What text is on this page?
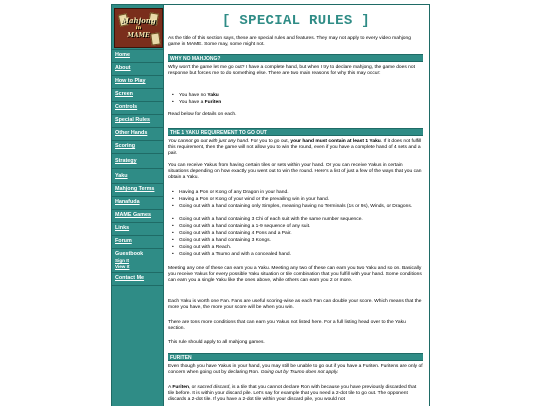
Mahjong
in
MAME
Home
About
How to Play
Screen
Controls
Special Rules
Other Hands
Scoring
Strategy
Yaku
Mahjong Terms
Hanafuda
MAME Games
Links
Forum
Guestbook
Sign It
View It
Contact Me
[ SPECIAL RULES ]

As the title of this section says, these are special rules and features. They may not apply to every video mahjong game in MAME. Some may, some might not.

WHY NO MAHJONG?

Why won't the game let me go out? I have a complete hand, but when I try to declare mahjong, the game does not response but forces me to do something else. There are two main reasons for why this may occur:

• You have no Yaku
• You have a Furiten

Read below for details on each.

THE 1 YAKU REQUIREMENT TO GO OUT

You cannot go out with just any hand. For you to go out, your hand must contain at least 1 Yaku. If it does not fulfill this requirement, then the game will not allow you to win the round, even if you have a complete hand of 4 sets and a pair.

You can receive Yakus from having certain tiles or sets within your hand. Or you can receive Yakus in certain situations depending on how exactly you went out to win the round. Here's a list of just a few of the ways that you can obtain a Yaku.

• Having a Pon or Kong of any Dragon in your hand.
• Having a Pon or Kong of your wind or the prevailing win in your hand.
• Going out with a hand containing only Simples, meaning having no Terminals (1s or 9s), Winds, or Dragons.
• Going out with a hand containing 3 Chi of each suit with the same number sequence.
• Going out with a hand containing a 1-9 sequence of any suit.
• Going out with a hand containing 4 Pons and a Pair.
• Going out with a hand containing 3 Kongs.
• Going out with a Reach.
• Going out with a Tsumo and with a concealed hand.

Meeting any one of these can earn you a Yaku. Meeting any two of these can earn you two Yaku and so on. Basically you receive Yakus for every possible Yaku situation or tile combination that you fulfill with your hand. Some conditions can earn you a single Yaku like the ones above, while others can earn you 2 or more.

Each Yaku is worth one Fan. Fans are useful scoring-wise as each Fan can double your score. Which means that the more you have, the more your score will be when you win.

There are tons more conditions that can earn you Yakus not listed here. For a full listing head over to the Yaku section.

This rule should apply to all mahjong games.

FURITEN

Even though you have Yakus in your hand, you may still be unable to go out if you have a Furiten. Furitens are only of concern when going out by declaring Ron. Going out by Tsumo does not apply.

A Furiten, or sacred discard, is a tile that you cannot declare Ron with because you have previously discarded that tile before. It is within your discard pile. Let's say for example that you need a 2-dot tile to go out. The opponent discards a 2-dot tile. If you have a 2-dot tile within your discard pile, you would not
